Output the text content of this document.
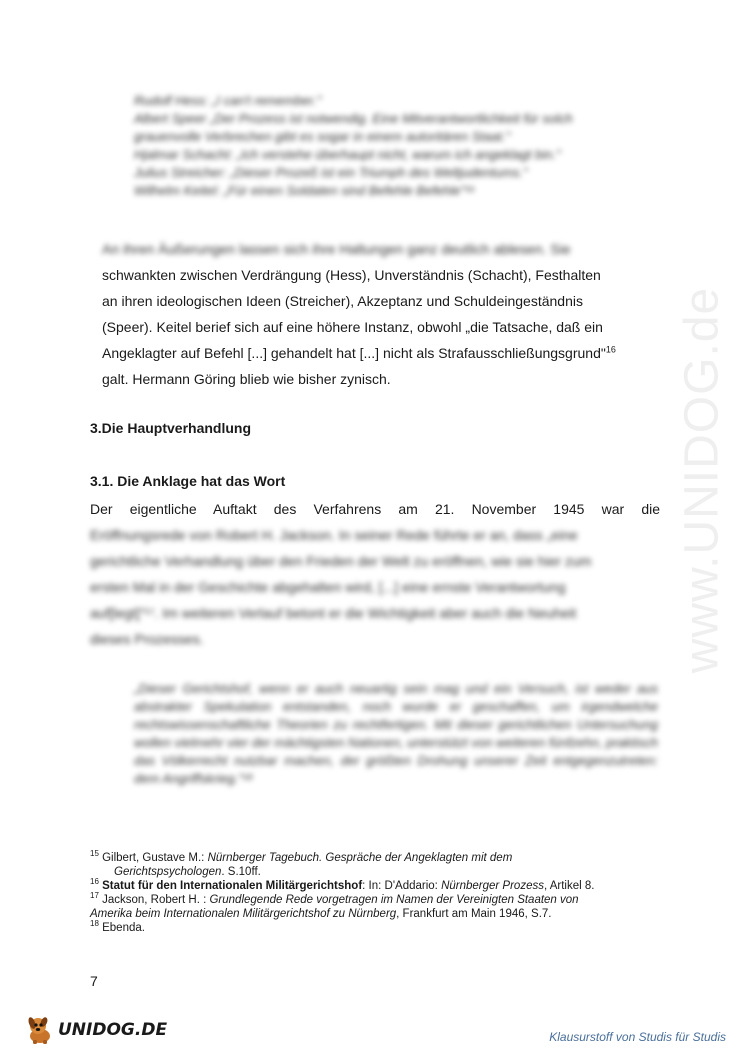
www.UNIDOG.de
Rudolf Hess: „I can't remember."
Albert Speer „Der Prozess ist notwendig. Eine Mitverantwortlichkeit für solch
grauenvolle Verbrechen gibt es sogar in einem autoritären Staat."
Hjalmar Schacht: „Ich verstehe überhaupt nicht, warum ich angeklagt bin."
Julius Streicher: „Dieser Prozeß ist ein Triumph des Weltjudentums."
Wilhelm Keitel: „Für einen Soldaten sind Befehle Befehle"¹⁵
An ihren Äußerungen lassen sich ihre Haltungen ganz deutlich ablesen. Sie
schwankten zwischen Verdrängung (Hess), Unverständnis (Schacht), Festhalten
an ihren ideologischen Ideen (Streicher), Akzeptanz und Schuldeingeständnis
(Speer). Keitel berief sich auf eine höhere Instanz, obwohl „die Tatsache, daß ein
Angeklagter auf Befehl [...] gehandelt hat [...] nicht als Strafausschließungsgrund"$^{16}$
galt. Hermann Göring blieb wie bisher zynisch.
3.Die Hauptverhandlung
3.1. Die Anklage hat das Wort
Der eigentliche Auftakt des Verfahrens am 21. November 1945 war die
Eröffnungsrede von Robert H. Jackson. In seiner Rede führte er an, dass „eine
gerichtliche Verhandlung über den Frieden der Welt zu eröffnen, wie sie hier zum
ersten Mal in der Geschichte abgehalten wird, [...] eine ernste Verantwortung
auf[legt]"¹⁷. Im weiteren Verlauf betont er die Wichtigkeit aber auch die Neuheit
dieses Prozesses.
„Dieser Gerichtshof, wenn er auch neuartig sein mag und ein Versuch, ist weder aus abstrakter Spekulation entstanden, noch wurde er geschaffen, um irgendwelche rechtswissenschaftliche Theorien zu rechtfertigen. Mit dieser gerichtlichen Untersuchung wollen vielmehr vier der mächtigsten Nationen, unterstützt von weiteren fünfzehn, praktisch das Völkerrecht nutzbar machen, der größten Drohung unserer Zeit entgegenzutreten: dem Angriffskrieg."¹⁸
$^{15}$ Gilbert, Gustave M.: Nürnberger Tagebuch. Gespräche der Angeklagten mit dem
Gerichtspsychologen. S.10ff.
$^{16}$ Statut für den Internationalen Militärgerichtshof: In: D'Addario: Nürnberger Prozess, Artikel 8.
$^{17}$ Jackson, Robert H. : Grundlegende Rede vorgetragen im Namen der Vereinigten Staaten von
Amerika beim Internationalen Militärgerichtshof zu Nürnberg, Frankfurt am Main 1946, S.7.
$^{18}$ Ebenda.
7
UNIDOG.DE	Klausurstoff von Studis für Studis
